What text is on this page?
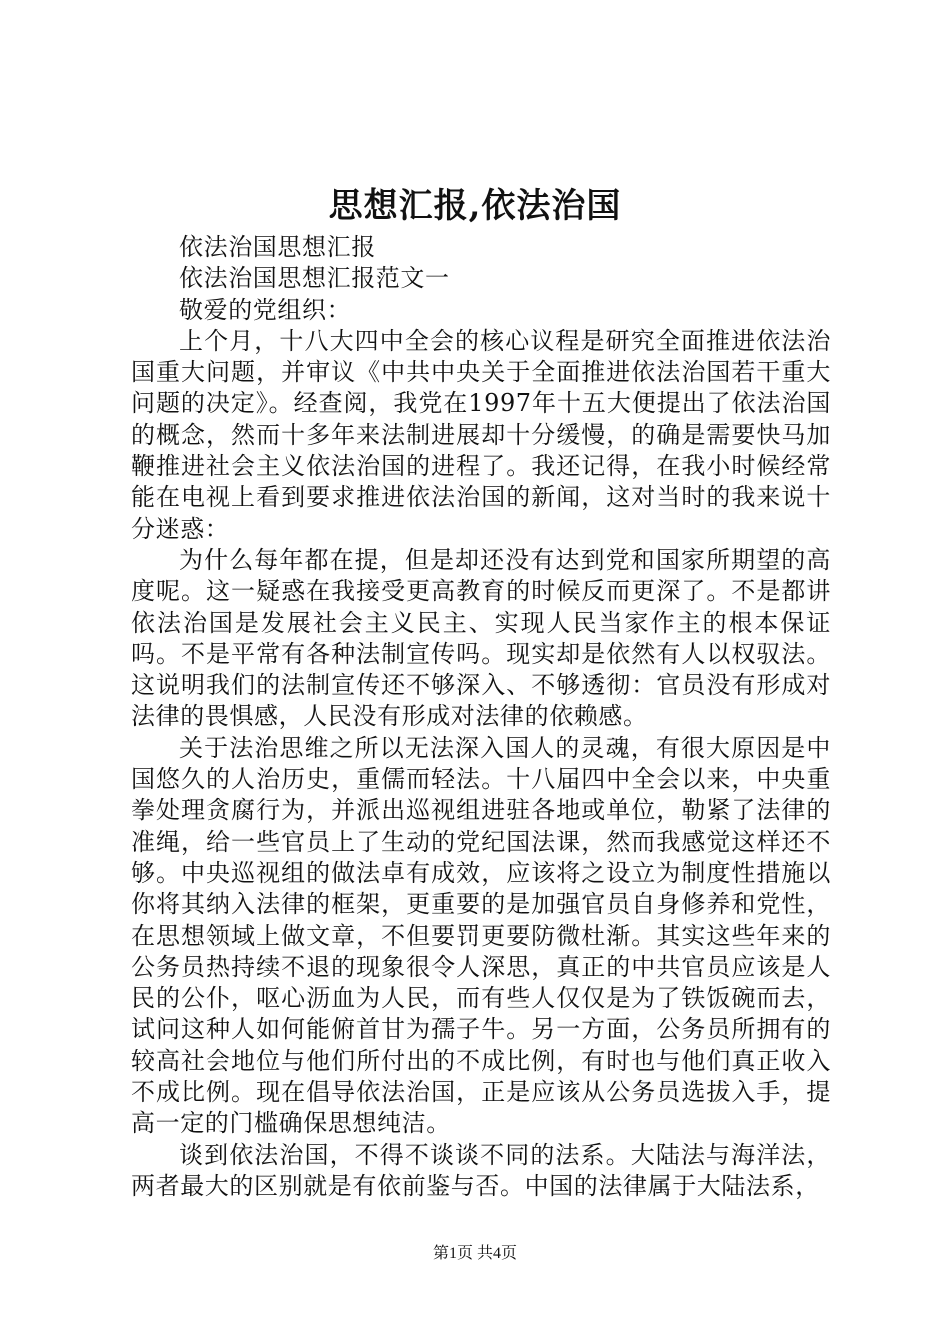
思想汇报,依法治国

依法治国思想汇报

依法治国思想汇报范文一

敬爱的党组织：

上个月，十八大四中全会的核心议程是研究全面推进依法治国重大问题，并审议《中共中央关于全面推进依法治国若干重大问题的决定》。经查阅，我党在1997年十五大便提出了依法治国的概念，然而十多年来法制进展却十分缓慢，的确是需要快马加鞭推进社会主义依法治国的进程了。我还记得，在我小时候经常能在电视上看到要求推进依法治国的新闻，这对当时的我来说十分迷惑：

为什么每年都在提，但是却还没有达到党和国家所期望的高度呢。这一疑惑在我接受更高教育的时候反而更深了。不是都讲依法治国是发展社会主义民主、实现人民当家作主的根本保证吗。不是平常有各种法制宣传吗。现实却是依然有人以权驭法。这说明我们的法制宣传还不够深入、不够透彻：官员没有形成对法律的畏惧感，人民没有形成对法律的依赖感。

关于法治思维之所以无法深入国人的灵魂，有很大原因是中国悠久的人治历史，重儒而轻法。十八届四中全会以来，中央重拳处理贪腐行为，并派出巡视组进驻各地或单位，勒紧了法律的准绳，给一些官员上了生动的党纪国法课，然而我感觉这样还不够。中央巡视组的做法卓有成效，应该将之设立为制度性措施以你将其纳入法律的框架，更重要的是加强官员自身修养和党性，在思想领域上做文章，不但要罚更要防微杜渐。其实这些年来的公务员热持续不退的现象很令人深思，真正的中共官员应该是人民的公仆，呕心沥血为人民，而有些人仅仅是为了铁饭碗而去，试问这种人如何能俯首甘为孺子牛。另一方面，公务员所拥有的较高社会地位与他们所付出的不成比例，有时也与他们真正收入不成比例。现在倡导依法治国，正是应该从公务员选拔入手，提高一定的门槛确保思想纯洁。

谈到依法治国，不得不谈谈不同的法系。大陆法与海洋法，两者最大的区别就是有依前鉴与否。中国的法律属于大陆法系，

第1页 共4页
